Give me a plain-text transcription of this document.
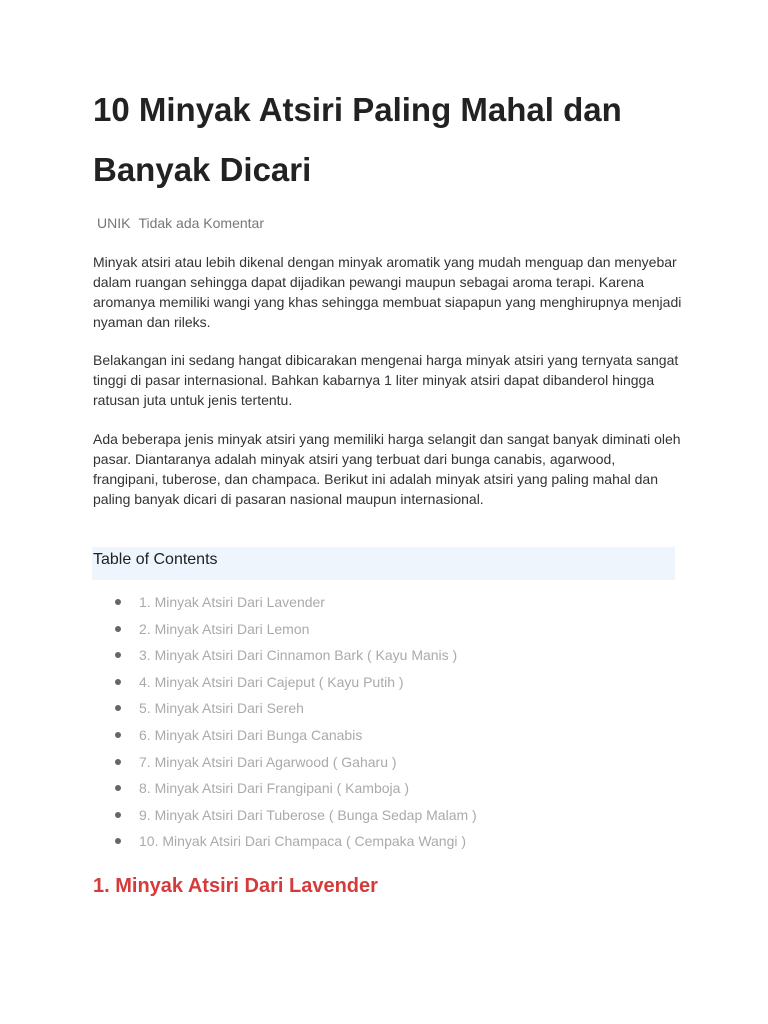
10 Minyak Atsiri Paling Mahal dan Banyak Dicari
UNIK Tidak ada Komentar

Minyak atsiri atau lebih dikenal dengan minyak aromatik yang mudah menguap dan menyebar dalam ruangan sehingga dapat dijadikan pewangi maupun sebagai aroma terapi. Karena aromanya memiliki wangi yang khas sehingga membuat siapapun yang menghirupnya menjadi nyaman dan rileks.

Belakangan ini sedang hangat dibicarakan mengenai harga minyak atsiri yang ternyata sangat tinggi di pasar internasional. Bahkan kabarnya 1 liter minyak atsiri dapat dibanderol hingga ratusan juta untuk jenis tertentu.

Ada beberapa jenis minyak atsiri yang memiliki harga selangit dan sangat banyak diminati oleh pasar. Diantaranya adalah minyak atsiri yang terbuat dari bunga canabis, agarwood, frangipani, tuberose, dan champaca. Berikut ini adalah minyak atsiri yang paling mahal dan paling banyak dicari di pasaran nasional maupun internasional.

Table of Contents
1. Minyak Atsiri Dari Lavender
2. Minyak Atsiri Dari Lemon
3. Minyak Atsiri Dari Cinnamon Bark ( Kayu Manis )
4. Minyak Atsiri Dari Cajeput ( Kayu Putih )
5. Minyak Atsiri Dari Sereh
6. Minyak Atsiri Dari Bunga Canabis
7. Minyak Atsiri Dari Agarwood ( Gaharu )
8. Minyak Atsiri Dari Frangipani ( Kamboja )
9. Minyak Atsiri Dari Tuberose ( Bunga Sedap Malam )
10. Minyak Atsiri Dari Champaca ( Cempaka Wangi )
1. Minyak Atsiri Dari Lavender
